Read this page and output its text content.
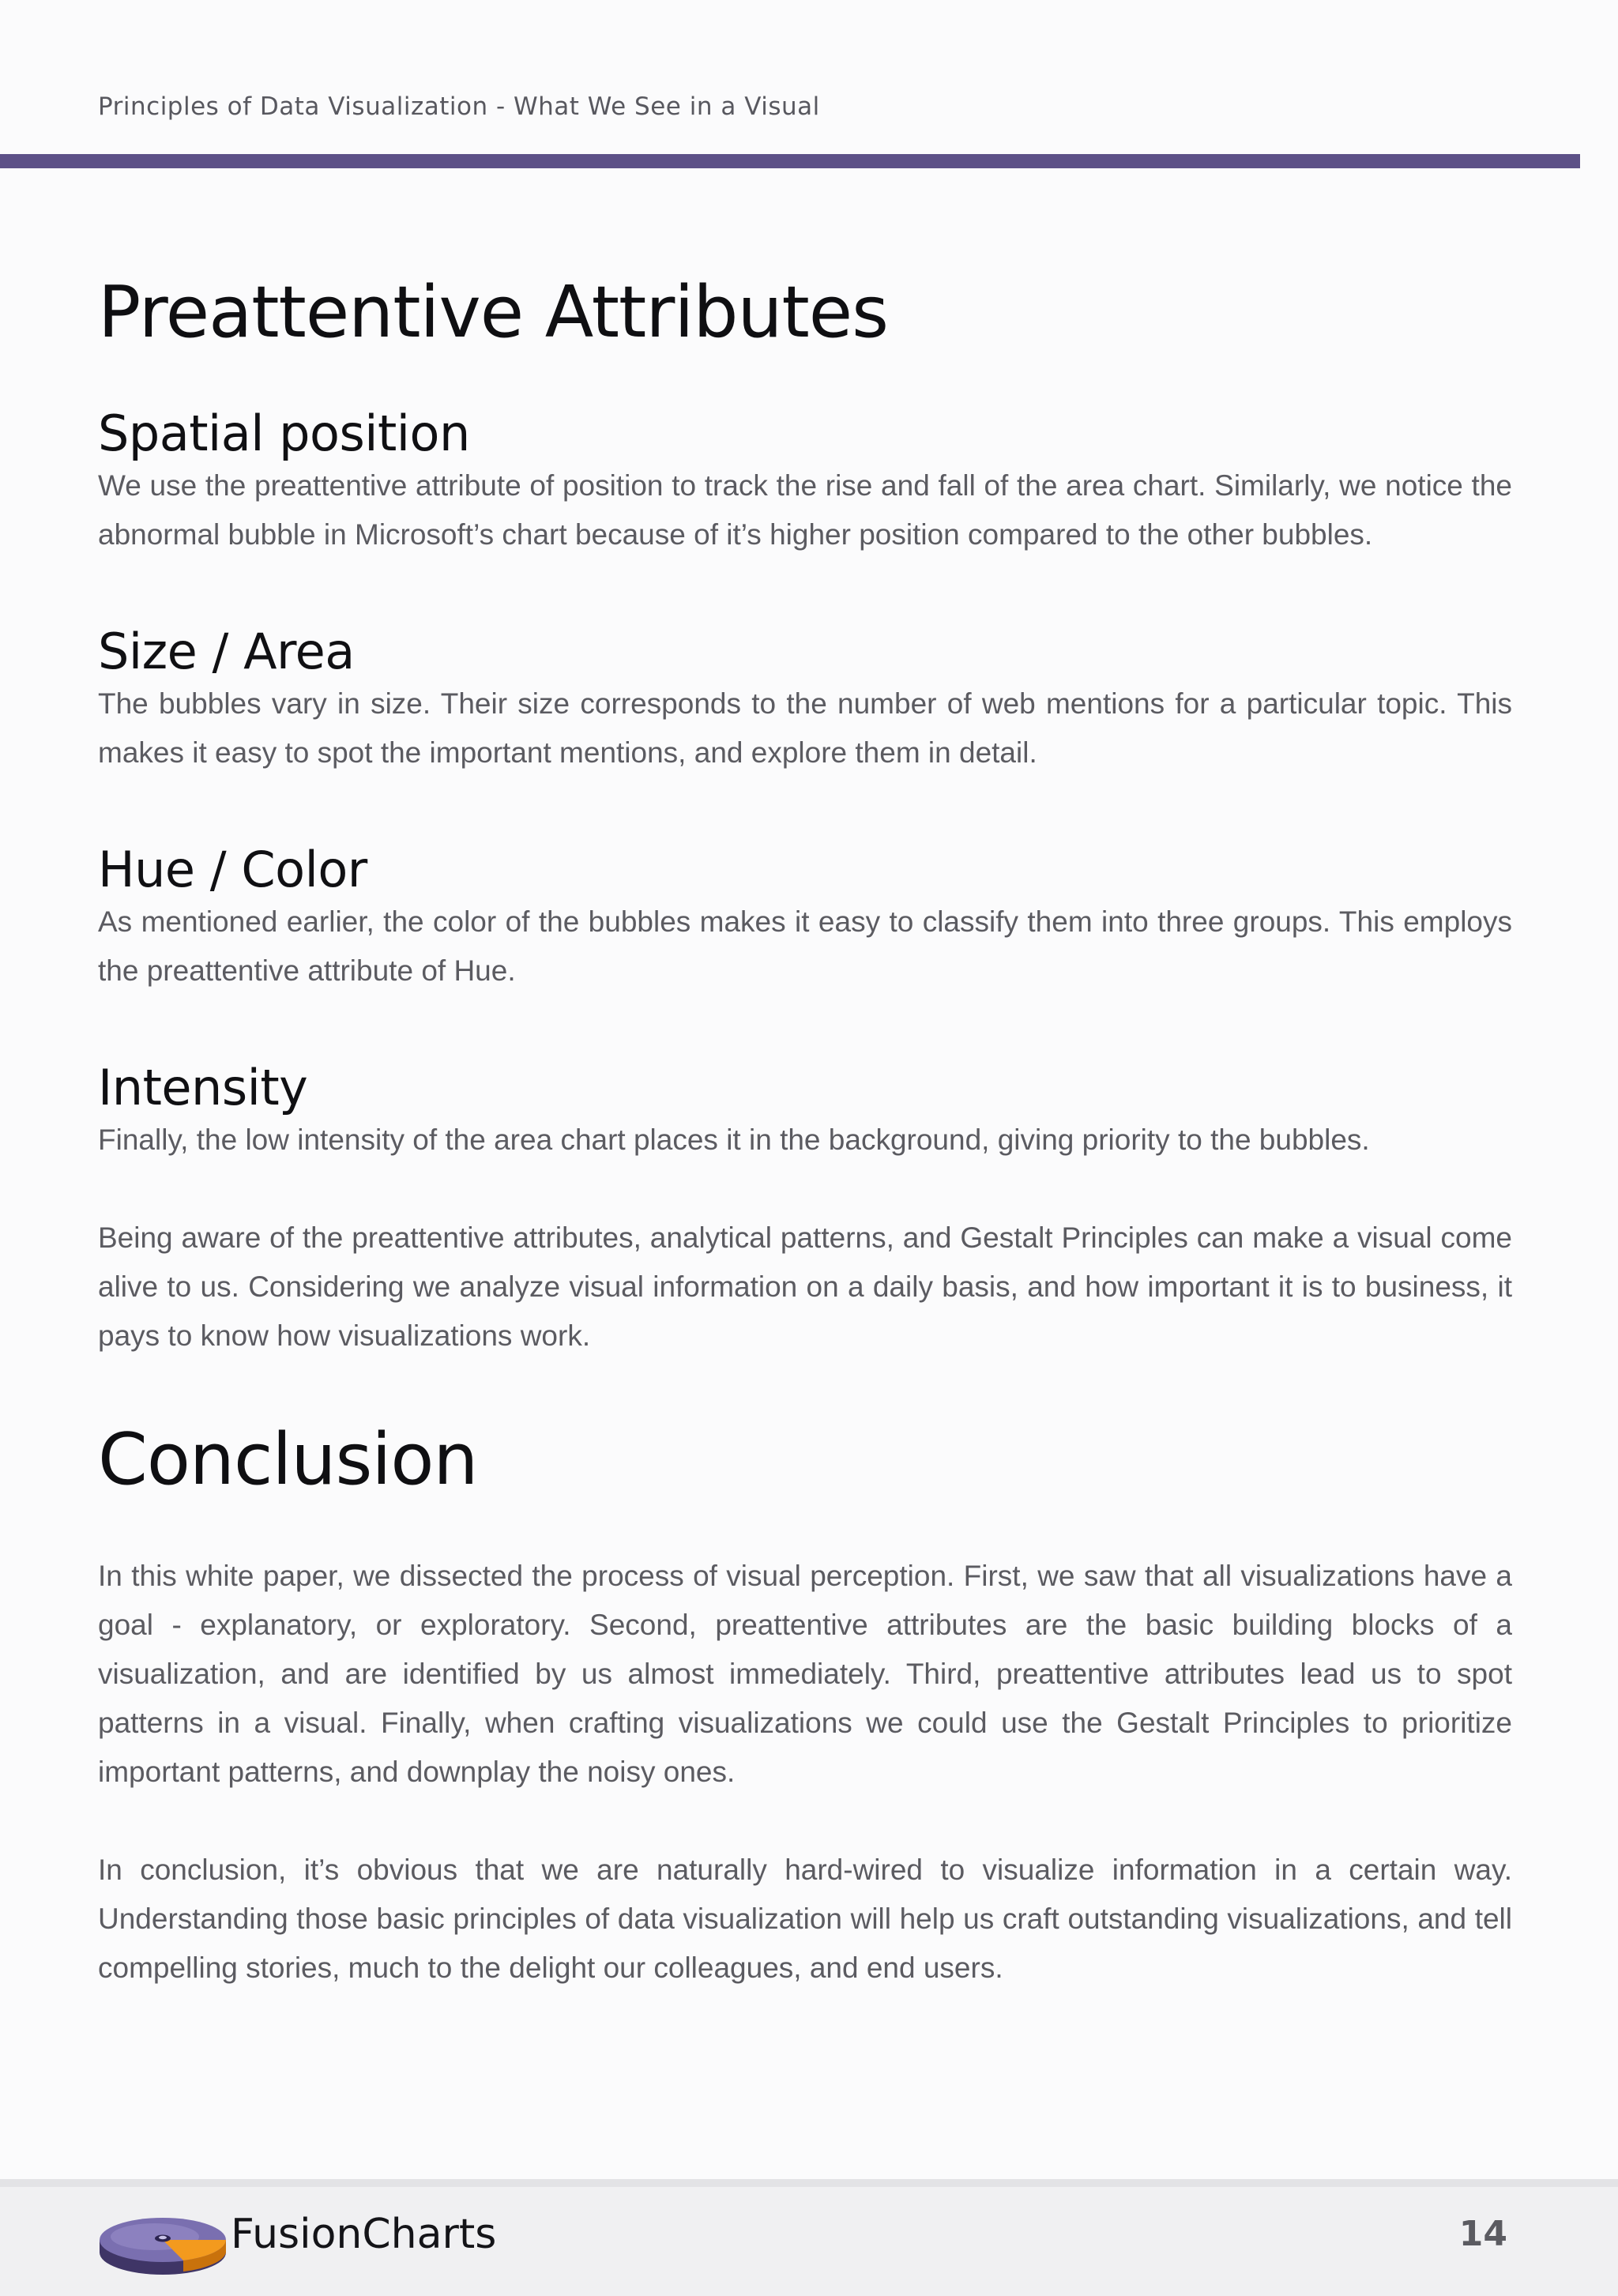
Principles of Data Visualization - What We See in a Visual
Preattentive Attributes
Spatial position

We use the preattentive attribute of position to track the rise and fall of the area chart. Similarly, we notice the abnormal bubble in Microsoft’s chart because of it’s higher position compared to the other bubbles.

Size / Area

The bubbles vary in size. Their size corresponds to the number of web mentions for a particular topic. This makes it easy to spot the important mentions, and explore them in detail.

Hue / Color

As mentioned earlier, the color of the bubbles makes it easy to classify them into three groups. This employs the preattentive attribute of Hue.

Intensity

Finally, the low intensity of the area chart places it in the background, giving priority to the bubbles.

Being aware of the preattentive attributes, analytical patterns, and Gestalt Principles can make a visual come alive to us. Considering we analyze visual information on a daily basis, and how important it is to business, it pays to know how visualizations work.

Conclusion

In this white paper, we dissected the process of visual perception. First, we saw that all visualizations have a goal - explanatory, or exploratory. Second, preattentive attributes are the basic building blocks of a visualization, and are identified by us almost immediately. Third, preattentive attributes lead us to spot patterns in a visual. Finally, when crafting visualizations we could use the Gestalt Principles to prioritize important patterns, and downplay the noisy ones.

In conclusion, it’s obvious that we are naturally hard-wired to visualize information in a certain way. Understanding those basic principles of data visualization will help us craft outstanding visualizations, and tell compelling stories, much to the delight our colleagues, and end users.

FusionCharts	14
